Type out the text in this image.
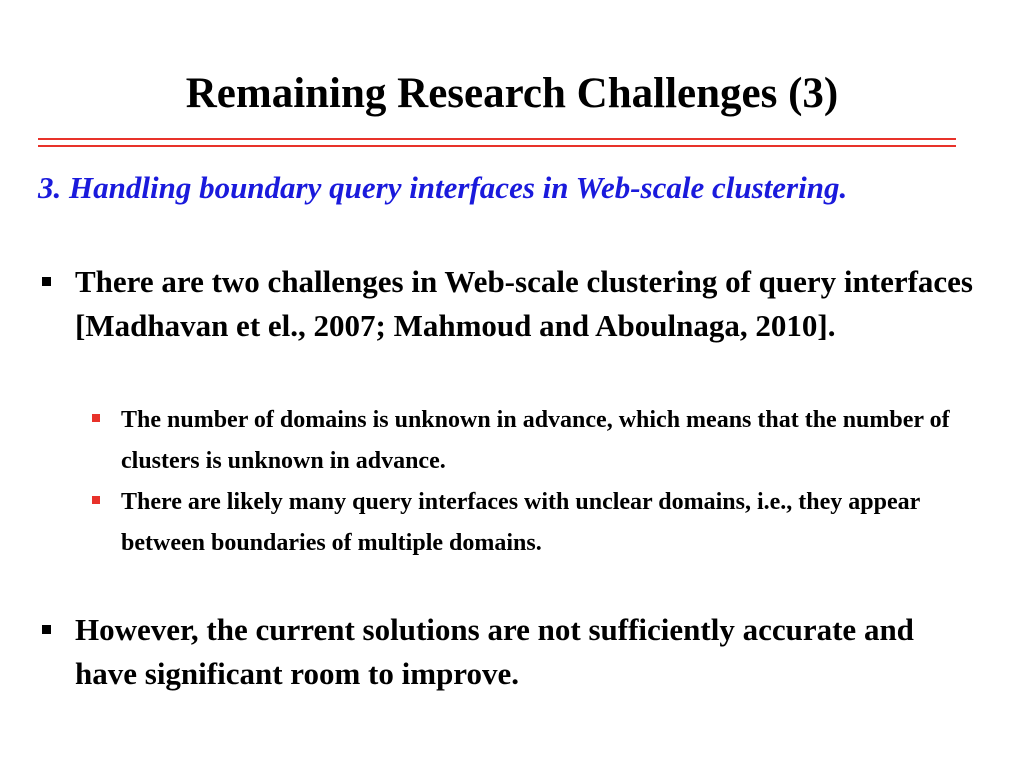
Remaining Research Challenges (3)

3. Handling boundary query interfaces in Web-scale clustering.

There are two challenges in Web-scale clustering of query interfaces [Madhavan et el., 2007; Mahmoud and Aboulnaga, 2010].
The number of domains is unknown in advance, which means that the number of clusters is unknown in advance.
There are likely many query interfaces with unclear domains, i.e., they appear between boundaries of multiple domains.
However, the current solutions are not sufficiently accurate and have significant room to improve.
